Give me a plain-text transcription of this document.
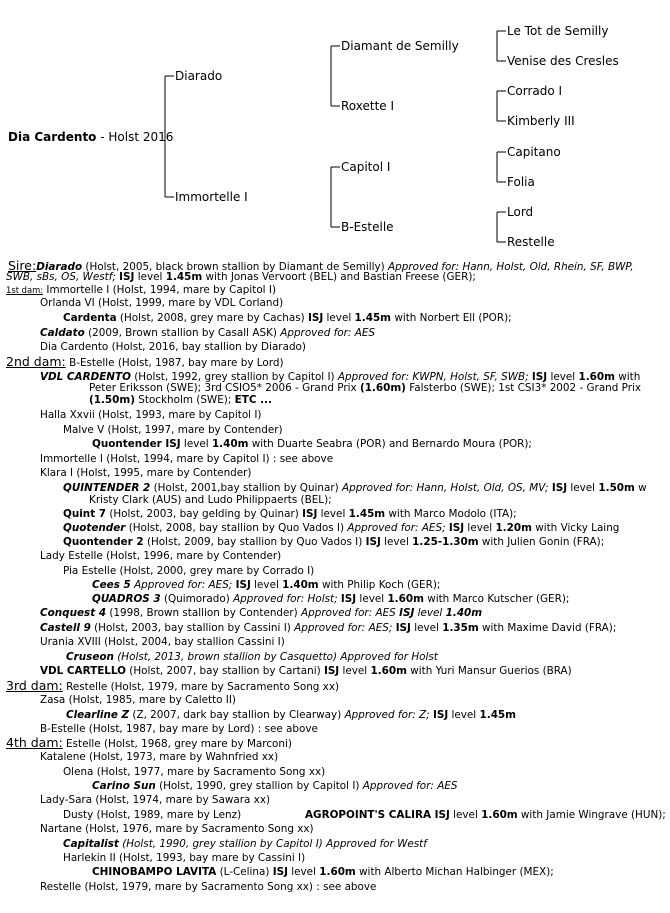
Dia Cardento - Holst 2016
Diarado
Immortelle I
Diamant de Semilly
Roxette I
Capitol I
B-Estelle
Le Tot de Semilly
Venise des Cresles
Corrado I
Kimberly III
Capitano
Folia
Lord
Restelle
Sire:Diarado (Holst, 2005, black brown stallion by Diamant de Semilly) Approved for: Hann, Holst, Old, Rhein, SF, BWP,
SWB, sBs, OS, Westf; ISJ level 1.45m with Jonas Vervoort (BEL) and Bastian Freese (GER);
1st dam: Immortelle I (Holst, 1994, mare by Capitol I)
Orlanda VI (Holst, 1999, mare by VDL Corland)
Cardenta (Holst, 2008, grey mare by Cachas) ISJ level 1.45m with Norbert Ell (POR);
Caldato (2009, Brown stallion by Casall ASK) Approved for: AES
Dia Cardento (Holst, 2016, bay stallion by Diarado)
2nd dam: B-Estelle (Holst, 1987, bay mare by Lord)
VDL CARDENTO (Holst, 1992, grey stallion by Capitol I) Approved for: KWPN, Holst, SF, SWB; ISJ level 1.60m with
Peter Eriksson (SWE); 3rd CSIO5* 2006 - Grand Prix (1.60m) Falsterbo (SWE); 1st CSI3* 2002 - Grand Prix
(1.50m) Stockholm (SWE); ETC ...
Halla Xxvii (Holst, 1993, mare by Capitol I)
Malve V (Holst, 1997, mare by Contender)
Quontender ISJ level 1.40m with Duarte Seabra (POR) and Bernardo Moura (POR);
Immortelle I (Holst, 1994, mare by Capitol I) : see above
Klara I (Holst, 1995, mare by Contender)
QUINTENDER 2 (Holst, 2001,bay stallion by Quinar) Approved for: Hann, Holst, Old, OS, MV; ISJ level 1.50m w
Kristy Clark (AUS) and Ludo Philippaerts (BEL);
Quint 7 (Holst, 2003, bay gelding by Quinar) ISJ level 1.45m with Marco Modolo (ITA);
Quotender (Holst, 2008, bay stallion by Quo Vados I) Approved for: AES; ISJ level 1.20m with Vicky Laing
Quontender 2 (Holst, 2009, bay stallion by Quo Vados I) ISJ level 1.25-1.30m with Julien Gonin (FRA);
Lady Estelle (Holst, 1996, mare by Contender)
Pia Estelle (Holst, 2000, grey mare by Corrado I)
Cees 5 Approved for: AES; ISJ level 1.40m with Philip Koch (GER);
QUADROS 3 (Quimorado) Approved for: Holst; ISJ level 1.60m with Marco Kutscher (GER);
Conquest 4 (1998, Brown stallion by Contender) Approved for: AES ISJ level 1.40m
Castell 9 (Holst, 2003, bay stallion by Cassini I) Approved for: AES; ISJ level 1.35m with Maxime David (FRA);
Urania XVIII (Holst, 2004, bay stallion Cassini I)
Cruseon (Holst, 2013, brown stallion by Casquetto) Approved for Holst
VDL CARTELLO (Holst, 2007, bay stallion by Cartani) ISJ level 1.60m with Yuri Mansur Guerios (BRA)
3rd dam: Restelle (Holst, 1979, mare by Sacramento Song xx)
Zasa (Holst, 1985, mare by Caletto II)
Clearline Z (Z, 2007, dark bay stallion by Clearway) Approved for: Z; ISJ level 1.45m
B-Estelle (Holst, 1987, bay mare by Lord) : see above
4th dam: Estelle (Holst, 1968, grey mare by Marconi)
Katalene (Holst, 1973, mare by Wahnfried xx)
Olena (Holst, 1977, mare by Sacramento Song xx)
Carino Sun (Holst, 1990, grey stallion by Capitol I) Approved for: AES
Lady-Sara (Holst, 1974, mare by Sawara xx)
Dusty (Holst, 1989, mare by Lenz)	AGROPOINT'S CALIRA ISJ level 1.60m with Jamie Wingrave (HUN);
Nartane (Holst, 1976, mare by Sacramento Song xx)
Capitalist (Holst, 1990, grey stallion by Capitol I) Approved for Westf
Harlekin II (Holst, 1993, bay mare by Cassini I)
CHINOBAMPO LAVITA (L-Celina) ISJ level 1.60m with Alberto Michan Halbinger (MEX);
Restelle (Holst, 1979, mare by Sacramento Song xx) : see above
